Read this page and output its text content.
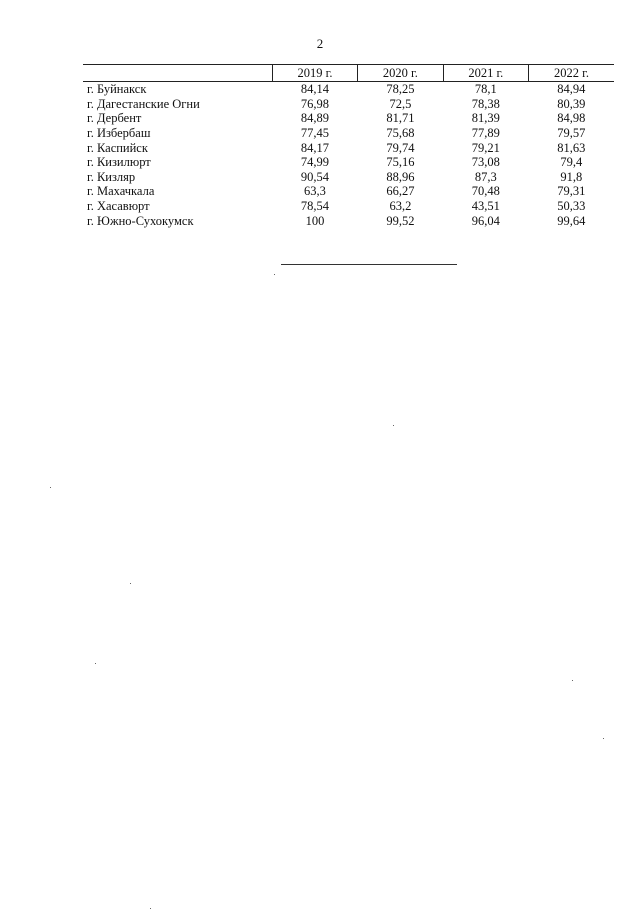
2
	2019 г.	2020 г.	2021 г.	2022 г.
г. Буйнакск	84,14	78,25	78,1	84,94
г. Дагестанские Огни	76,98	72,5	78,38	80,39
г. Дербент	84,89	81,71	81,39	84,98
г. Избербаш	77,45	75,68	77,89	79,57
г. Каспийск	84,17	79,74	79,21	81,63
г. Кизилюрт	74,99	75,16	73,08	79,4
г. Кизляр	90,54	88,96	87,3	91,8
г. Махачкала	63,3	66,27	70,48	79,31
г. Хасавюрт	78,54	63,2	43,51	50,33
г. Южно-Сухокумск	100	99,52	96,04	99,64
